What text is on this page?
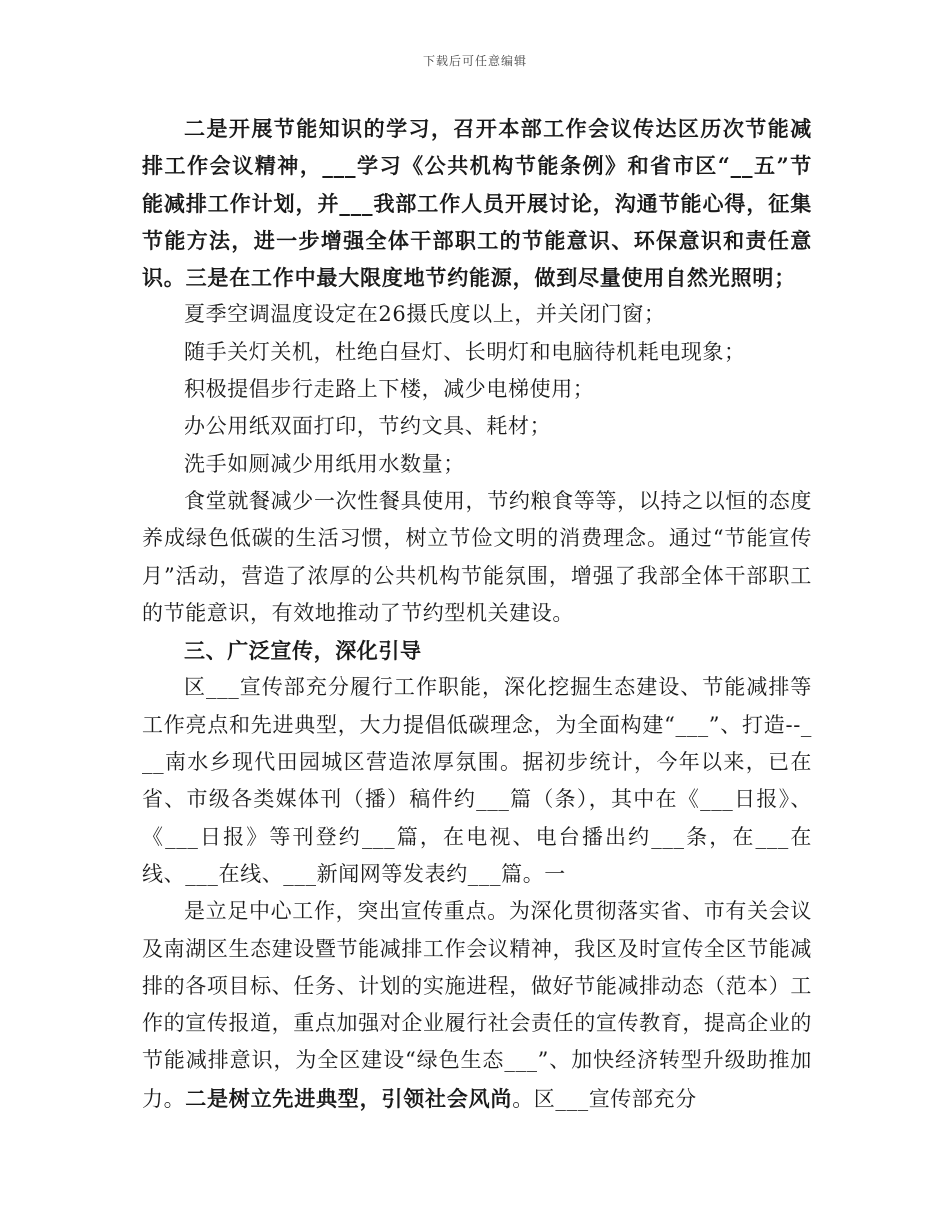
下载后可任意编辑

二是开展节能知识的学习，召开本部工作会议传达区历次节能减排工作会议精神，___学习《公共机构节能条例》和省市区“__五”节能减排工作计划，并___我部工作人员开展讨论，沟通节能心得，征集节能方法，进一步增强全体干部职工的节能意识、环保意识和责任意识。三是在工作中最大限度地节约能源，做到尽量使用自然光照明；

夏季空调温度设定在26摄氏度以上，并关闭门窗；

随手关灯关机，杜绝白昼灯、长明灯和电脑待机耗电现象；

积极提倡步行走路上下楼，减少电梯使用；

办公用纸双面打印，节约文具、耗材；

洗手如厕减少用纸用水数量；

食堂就餐减少一次性餐具使用，节约粮食等等，以持之以恒的态度养成绿色低碳的生活习惯，树立节俭文明的消费理念。通过“节能宣传月”活动，营造了浓厚的公共机构节能氛围，增强了我部全体干部职工的节能意识，有效地推动了节约型机关建设。

三、广泛宣传，深化引导

区___宣传部充分履行工作职能，深化挖掘生态建设、节能减排等工作亮点和先进典型，大力提倡低碳理念，为全面构建“___”、打造--___南水乡现代田园城区营造浓厚氛围。据初步统计，今年以来，已在省、市级各类媒体刊（播）稿件约___篇（条），其中在《___日报》、《___日报》等刊登约___篇，在电视、电台播出约___条，在___在线、___在线、___新闻网等发表约___篇。一

是立足中心工作，突出宣传重点。为深化贯彻落实省、市有关会议及南湖区生态建设暨节能减排工作会议精神，我区及时宣传全区节能减排的各项目标、任务、计划的实施进程，做好节能减排动态（范本）工作的宣传报道，重点加强对企业履行社会责任的宣传教育，提高企业的节能减排意识，为全区建设“绿色生态___”、加快经济转型升级助推加力。二是树立先进典型，引领社会风尚。区___宣传部充分
